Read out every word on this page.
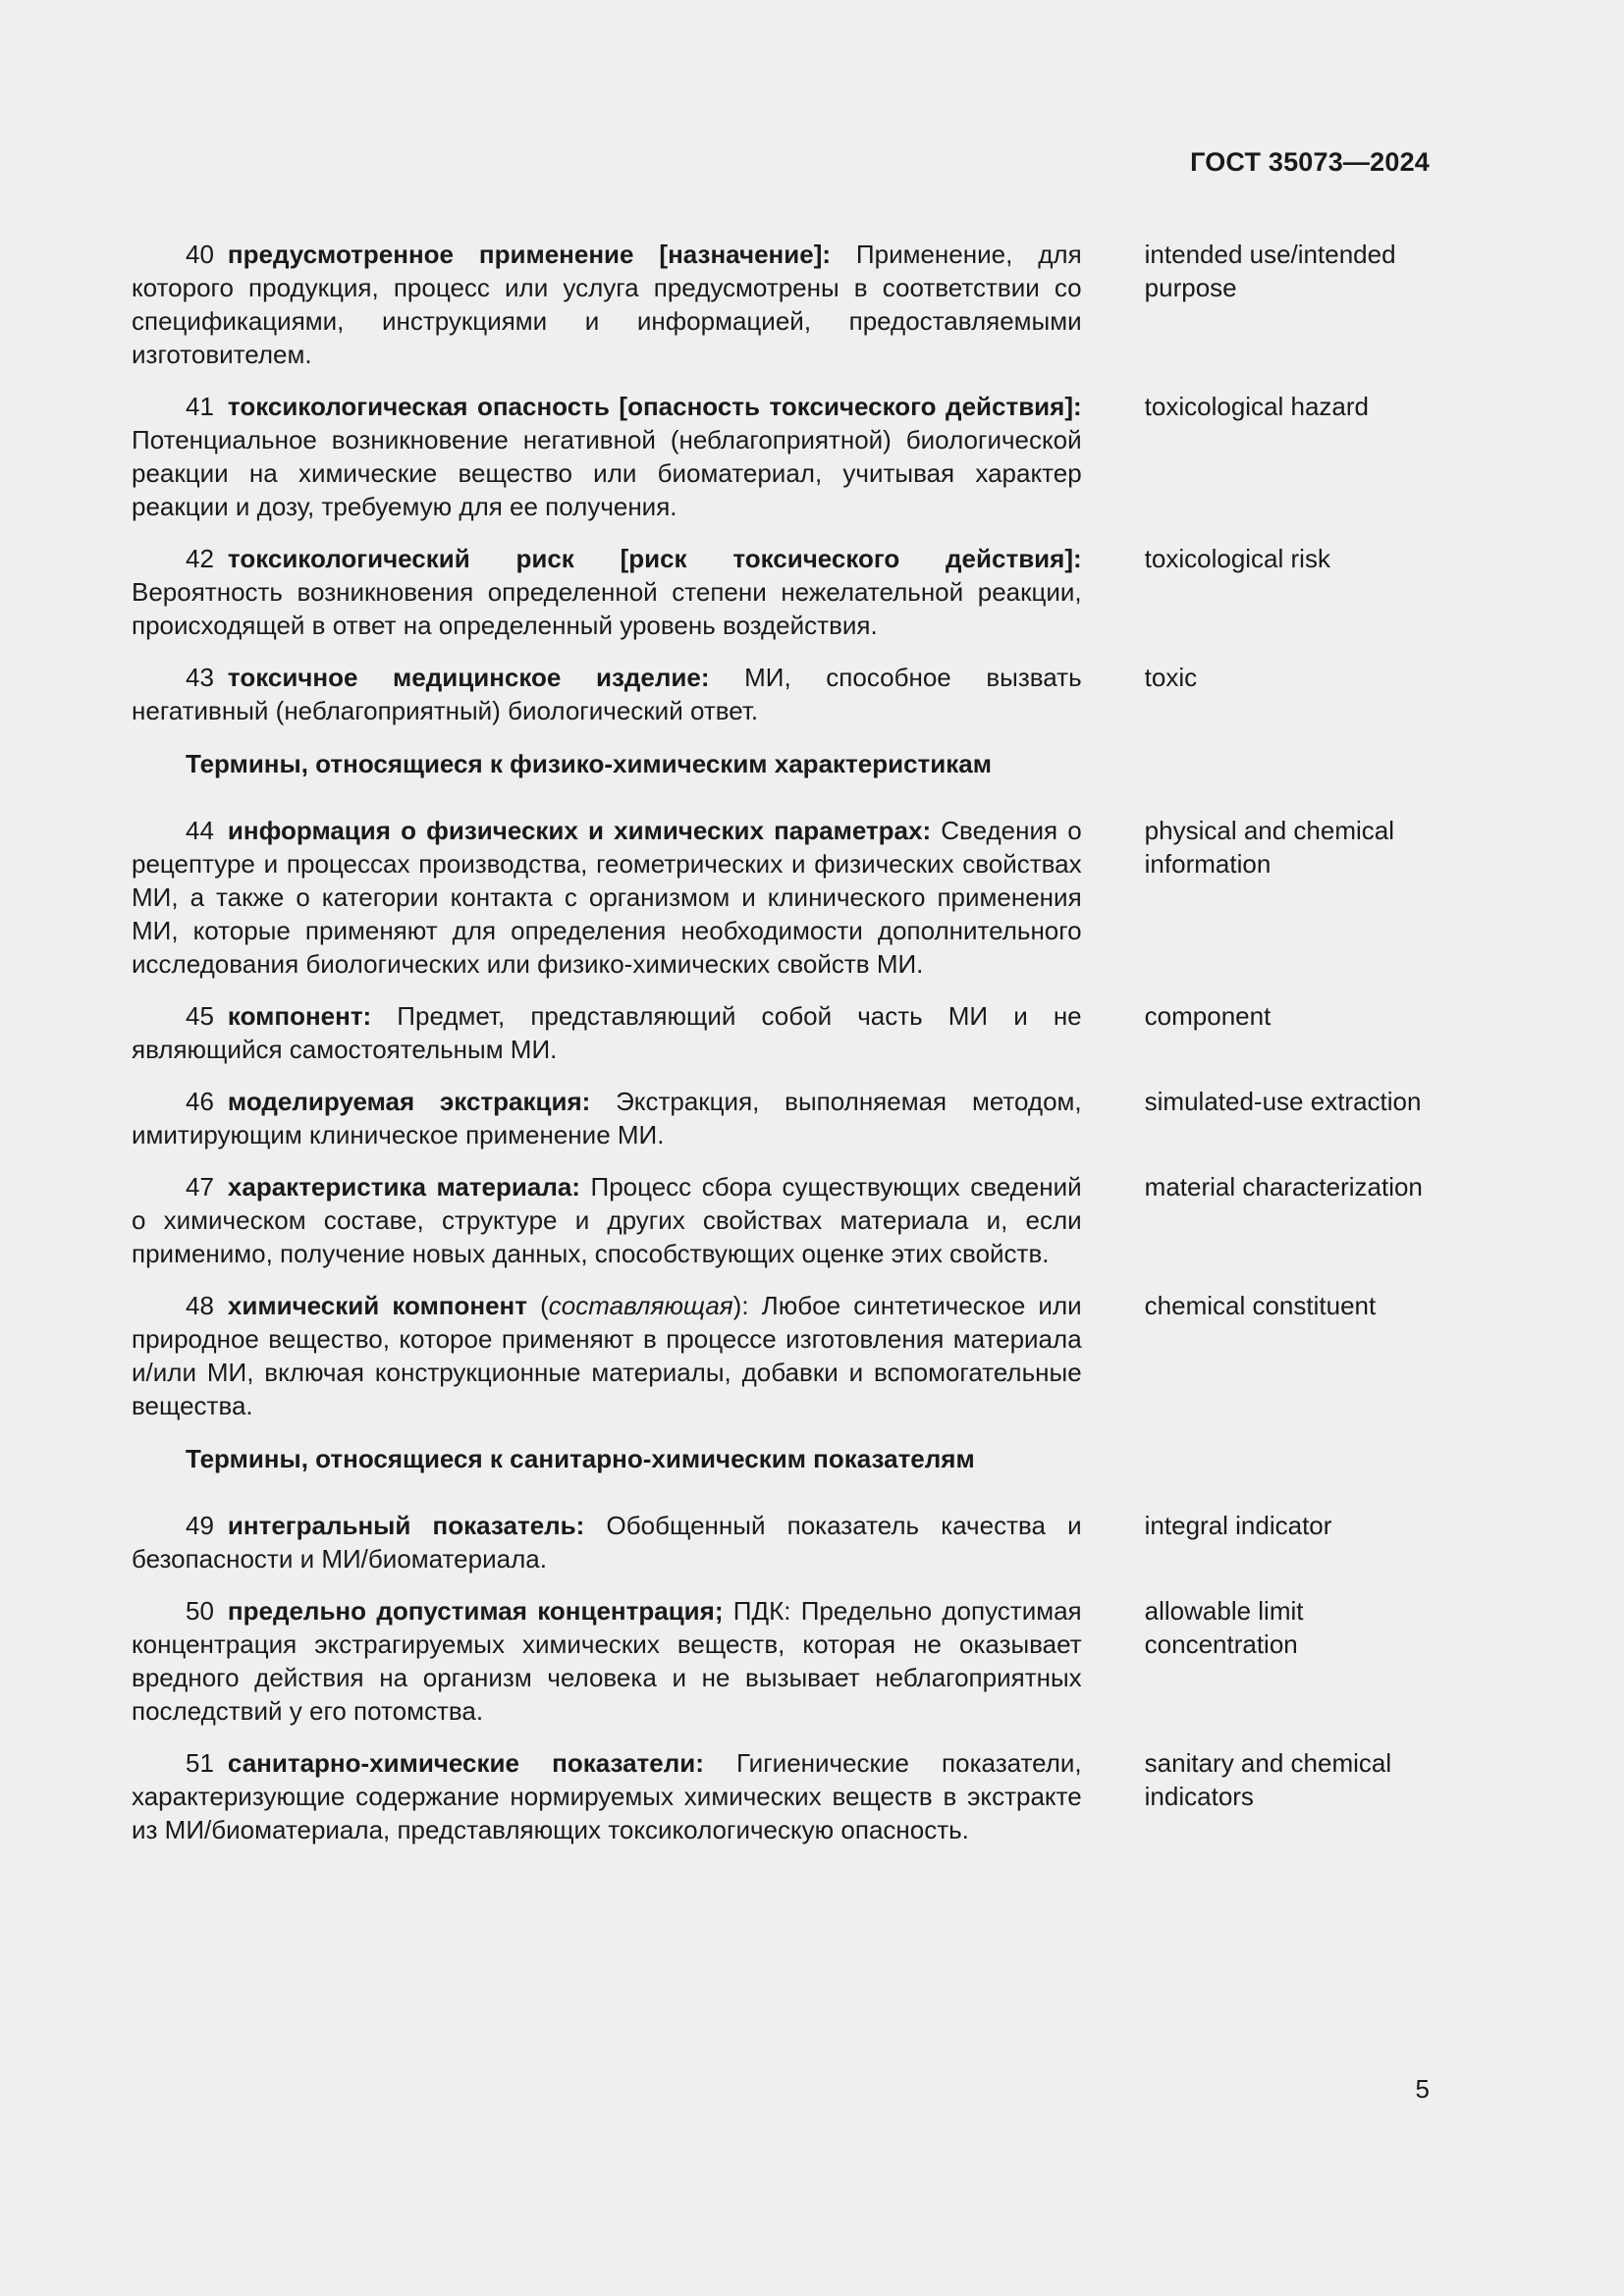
ГОСТ 35073—2024
40 предусмотренное применение [назначение]: Применение, для которого продукция, процесс или услуга предусмотрены в соответствии со спецификациями, инструкциями и информацией, предоставляемыми изготовителем.
intended use/intended purpose
41 токсикологическая опасность [опасность токсического действия]: Потенциальное возникновение негативной (неблагоприятной) биологической реакции на химические вещество или биоматериал, учитывая характер реакции и дозу, требуемую для ее получения.
toxicological hazard
42 токсикологический риск [риск токсического действия]: Вероятность возникновения определенной степени нежелательной реакции, происходящей в ответ на определенный уровень воздействия.
toxicological risk
43 токсичное медицинское изделие: МИ, способное вызвать негативный (неблагоприятный) биологический ответ.
toxic
Термины, относящиеся к физико-химическим характеристикам
44 информация о физических и химических параметрах: Сведения о рецептуре и процессах производства, геометрических и физических свойствах МИ, а также о категории контакта с организмом и клинического применения МИ, которые применяют для определения необходимости дополнительного исследования биологических или физико-химических свойств МИ.
physical and chemical information
45 компонент: Предмет, представляющий собой часть МИ и не являющийся самостоятельным МИ.
component
46 моделируемая экстракция: Экстракция, выполняемая методом, имитирующим клиническое применение МИ.
simulated-use extraction
47 характеристика материала: Процесс сбора существующих сведений о химическом составе, структуре и других свойствах материала и, если применимо, получение новых данных, способствующих оценке этих свойств.
material characterization
48 химический компонент (составляющая): Любое синтетическое или природное вещество, которое применяют в процессе изготовления материала и/или МИ, включая конструкционные материалы, добавки и вспомогательные вещества.
chemical constituent
Термины, относящиеся к санитарно-химическим показателям
49 интегральный показатель: Обобщенный показатель качества и безопасности и МИ/биоматериала.
integral indicator
50 предельно допустимая концентрация; ПДК: Предельно допустимая концентрация экстрагируемых химических веществ, которая не оказывает вредного действия на организм человека и не вызывает неблагоприятных последствий у его потомства.
allowable limit concentration
51 санитарно-химические показатели: Гигиенические показатели, характеризующие содержание нормируемых химических веществ в экстракте из МИ/биоматериала, представляющих токсикологическую опасность.
sanitary and chemical indicators
5
